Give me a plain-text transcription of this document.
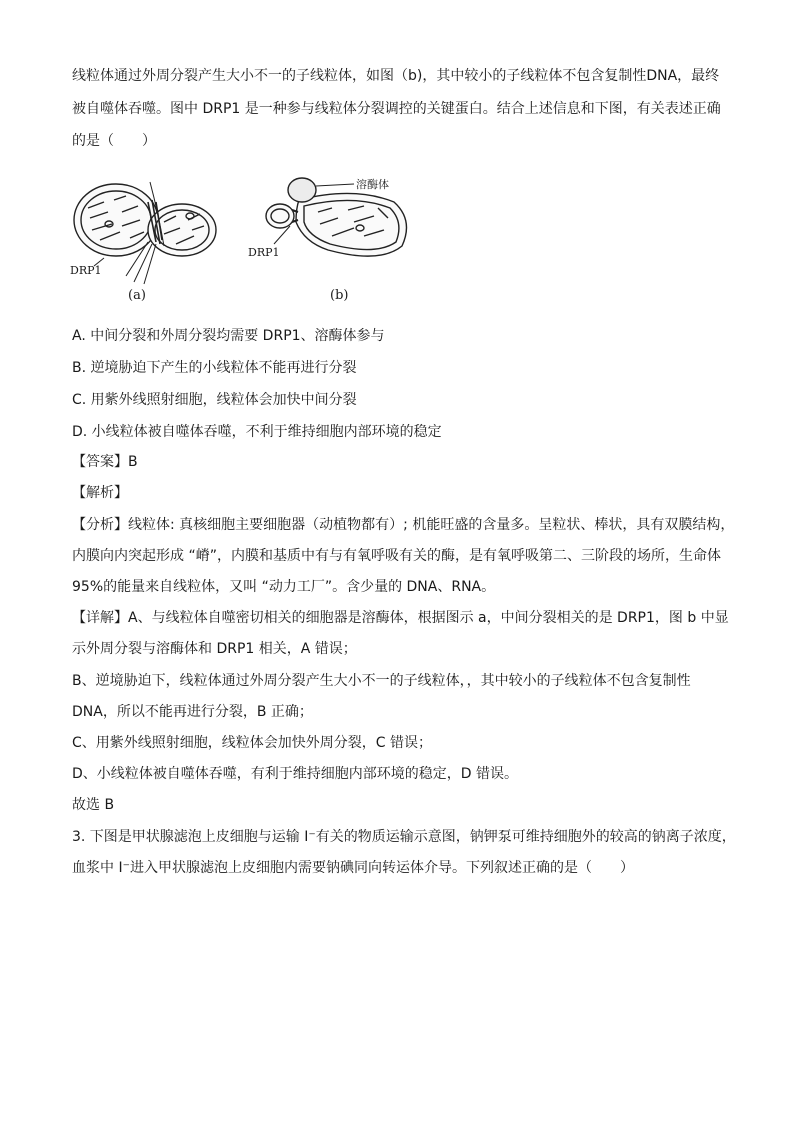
线粒体通过外周分裂产生大小不一的子线粒体，如图（b)，其中较小的子线粒体不包含复制性DNA，最终
被自噬体吞噬。图中 DRP1 是一种参与线粒体分裂调控的关键蛋白。结合上述信息和下图，有关表述正确
的是（　　）
溶酶体
DRP1
DRP1
(a)	(b)
A. 中间分裂和外周分裂均需要 DRP1、溶酶体参与
B. 逆境胁迫下产生的小线粒体不能再进行分裂
C. 用紫外线照射细胞，线粒体会加快中间分裂
D. 小线粒体被自噬体吞噬，不利于维持细胞内部环境的稳定
【答案】B
【解析】
【分析】线粒体: 真核细胞主要细胞器（动植物都有）; 机能旺盛的含量多。呈粒状、棒状，具有双膜结构，
内膜向内突起形成 “嵴”，内膜和基质中有与有氧呼吸有关的酶，是有氧呼吸第二、三阶段的场所，生命体
95%的能量来自线粒体，又叫 “动力工厂”。含少量的 DNA、RNA。
【详解】A、与线粒体自噬密切相关的细胞器是溶酶体，根据图示 a，中间分裂相关的是 DRP1，图 b 中显
示外周分裂与溶酶体和 DRP1 相关，A 错误；
B、逆境胁迫下，线粒体通过外周分裂产生大小不一的子线粒体，，其中较小的子线粒体不包含复制性
DNA，所以不能再进行分裂，B 正确；
C、用紫外线照射细胞，线粒体会加快外周分裂，C 错误；
D、小线粒体被自噬体吞噬，有利于维持细胞内部环境的稳定，D 错误。
故选 B
3. 下图是甲状腺滤泡上皮细胞与运输 I⁻有关的物质运输示意图，钠钾泵可维持细胞外的较高的钠离子浓度，
血浆中 I⁻进入甲状腺滤泡上皮细胞内需要钠碘同向转运体介导。下列叙述正确的是（　　）
